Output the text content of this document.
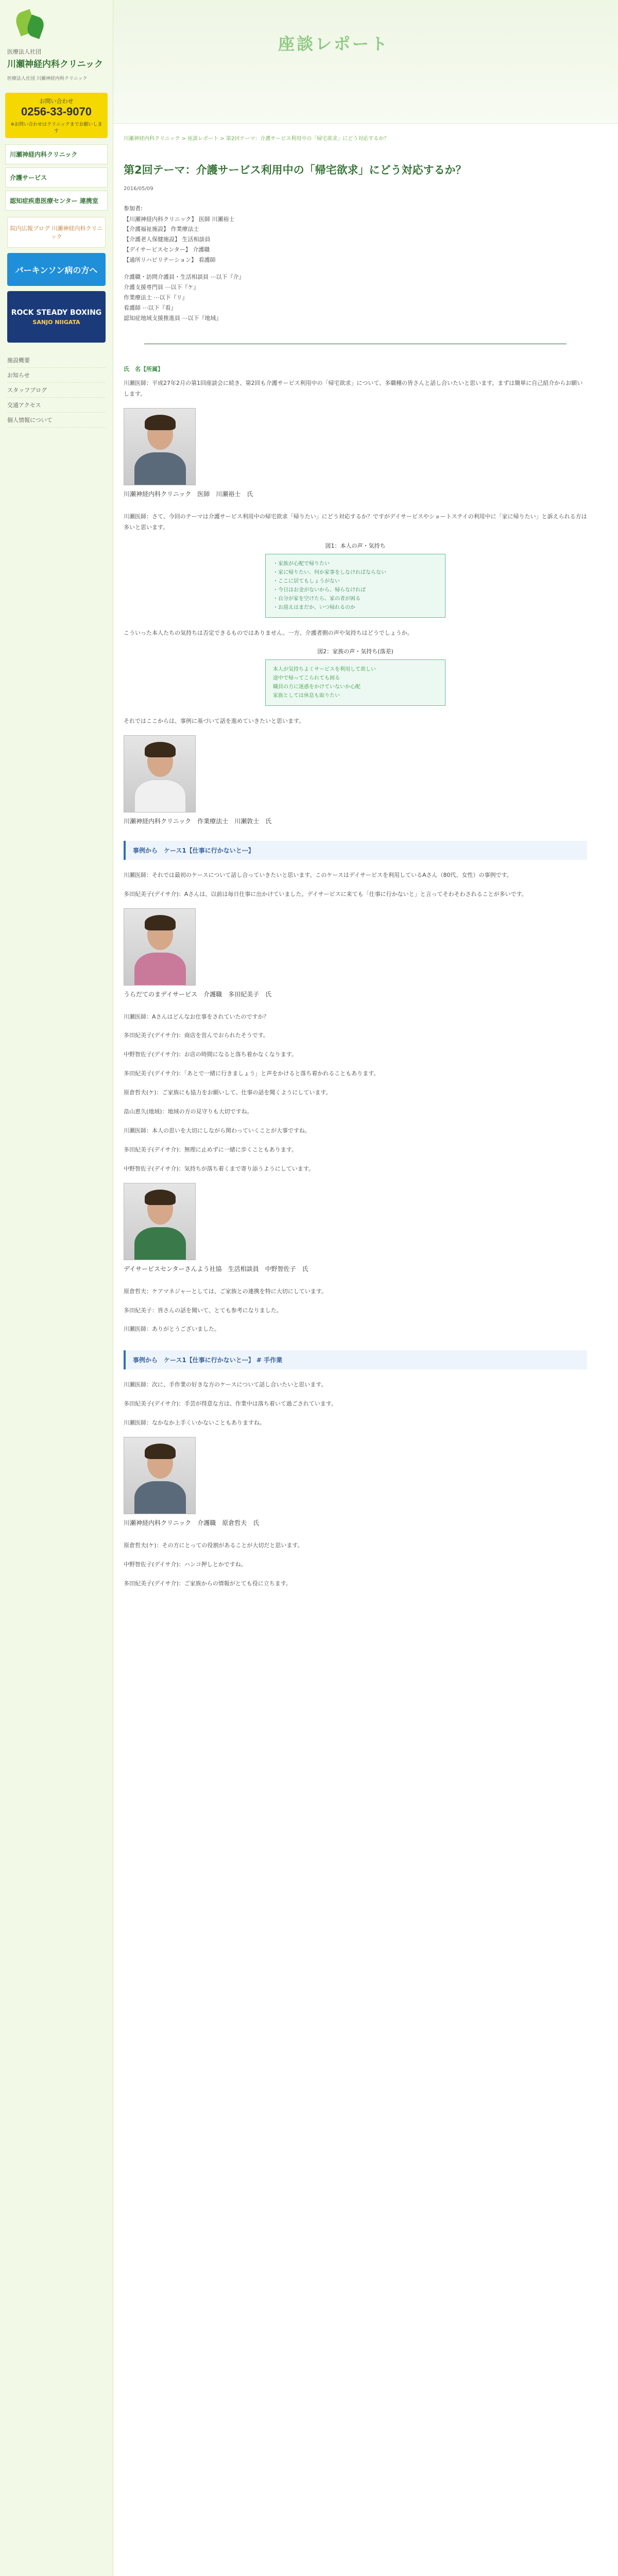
医療法人社団
川瀬神経内科クリニック
医療法人社団 川瀬神経内科クリニック
お問い合わせ
0256-33-9070
※お問い合わせはクリニックまでお願いします
川瀬神経内科クリニック
介護サービス
認知症疾患医療センター 連携室
院内広報ブログ 川瀬神経内科クリニック
パーキンソン病の方へ
ROCK STEADY BOXING
SANJO NIIGATA
施設概要
お知らせ
スタッフブログ
交通アクセス
個人情報について
座談レポート
川瀬神経内科クリニック > 座談レポート > 第2回テーマ：介護サービス利用中の「帰宅欲求」にどう対応するか？
第2回テーマ：介護サービス利用中の「帰宅欲求」にどう対応するか？
2016/05/09
参加者:

【川瀬神経内科クリニック】 医師 川瀬裕士

【介護福祉施設】 作業療法士

【介護老人保健施設】 生活相談員

【デイサービスセンター】 介護職

【通所リハビリテーション】 看護師

介護職・訪問介護員・生活相談員 ⋯以下『介』

介護支援専門員 ⋯以下『ケ』

作業療法士 ⋯以下『リ』

看護師 ⋯以下『看』

認知症地域支援推進員 ⋯以下『地域』

氏　名【所属】

川瀬医師：平成27年2月の第1回座談会に続き、第2回も介護サービス利用中の「帰宅欲求」について、多職種の皆さんと話し合いたいと思います。まずは簡単に自己紹介からお願いします。

川瀬神経内科クリニック　医師　川瀬裕士　氏

川瀬医師：さて、今回のテーマは介護サービス利用中の帰宅欲求「帰りたい」にどう対応するか？ですがデイサービスやショートステイの利用中に「家に帰りたい」と訴えられる方は多いと思います。

図1：本人の声・気持ち
・家族が心配で帰りたい
・家に帰りたい、何か家事をしなければならない
・ここに居てもしょうがない
・今日はお金がないから、帰らなければ
・自分が家を空けたら、家の者が困る
・お迎えはまだか、いつ帰れるのか

こういった本人たちの気持ちは否定できるものではありません。一方、介護者側の声や気持ちはどうでしょうか。

図2：家族の声・気持ち(落差)
本人が気持ちよくサービスを利用して欲しい
途中で帰ってこられても困る
職員の方に迷惑をかけていないか心配
家族としては休息も取りたい

それではここからは、事例に基づいて話を進めていきたいと思います。

川瀬神経内科クリニック　作業療法士　川瀬敦士　氏
事例から　ケース1【仕事に行かないと⋯】

川瀬医師：それでは最初のケースについて話し合っていきたいと思います。このケースはデイサービスを利用しているAさん（80代、女性）の事例です。

多田紀美子(デイサ介)：Aさんは、以前は毎日仕事に出かけていました。デイサービスに来ても「仕事に行かないと」と言ってそわそわされることが多いです。

うらだてのまデイサービス　介護職　多田紀美子　氏

川瀬医師：Aさんはどんなお仕事をされていたのですか？

多田紀美子(デイサ介)：商店を営んでおられたそうです。

中野智佐子(デイサ介)：お店の時間になると落ち着かなくなります。

多田紀美子(デイサ介)：「あとで一緒に行きましょう」と声をかけると落ち着かれることもあります。

原倉哲夫(ケ)：ご家族にも協力をお願いして、仕事の話を聞くようにしています。

畠山恵久(地域)：地域の方の見守りも大切ですね。

川瀬医師：本人の思いを大切にしながら関わっていくことが大事ですね。

多田紀美子(デイサ介)：無理に止めずに一緒に歩くこともあります。

中野智佐子(デイサ介)：気持ちが落ち着くまで寄り添うようにしています。

デイサービスセンターさんよう社協　生活相談員　中野智佐子　氏

原倉哲夫：ケアマネジャーとしては、ご家族との連携を特に大切にしています。

多田紀美子：皆さんの話を聞いて、とても参考になりました。

川瀬医師：ありがとうございました。

事例から　ケース1【仕事に行かないと⋯】 # 手作業

川瀬医師：次に、手作業の好きな方のケースについて話し合いたいと思います。

多田紀美子(デイサ介)：手芸が得意な方は、作業中は落ち着いて過ごされています。

川瀬医師：なかなか上手くいかないこともありますね。

川瀬神経内科クリニック　介護職　原倉哲夫　氏

原倉哲夫(ケ)：その方にとっての役割があることが大切だと思います。

中野智佐子(デイサ介)：ハンコ押しとかですね。

多田紀美子(デイサ介)：ご家族からの情報がとても役に立ちます。
